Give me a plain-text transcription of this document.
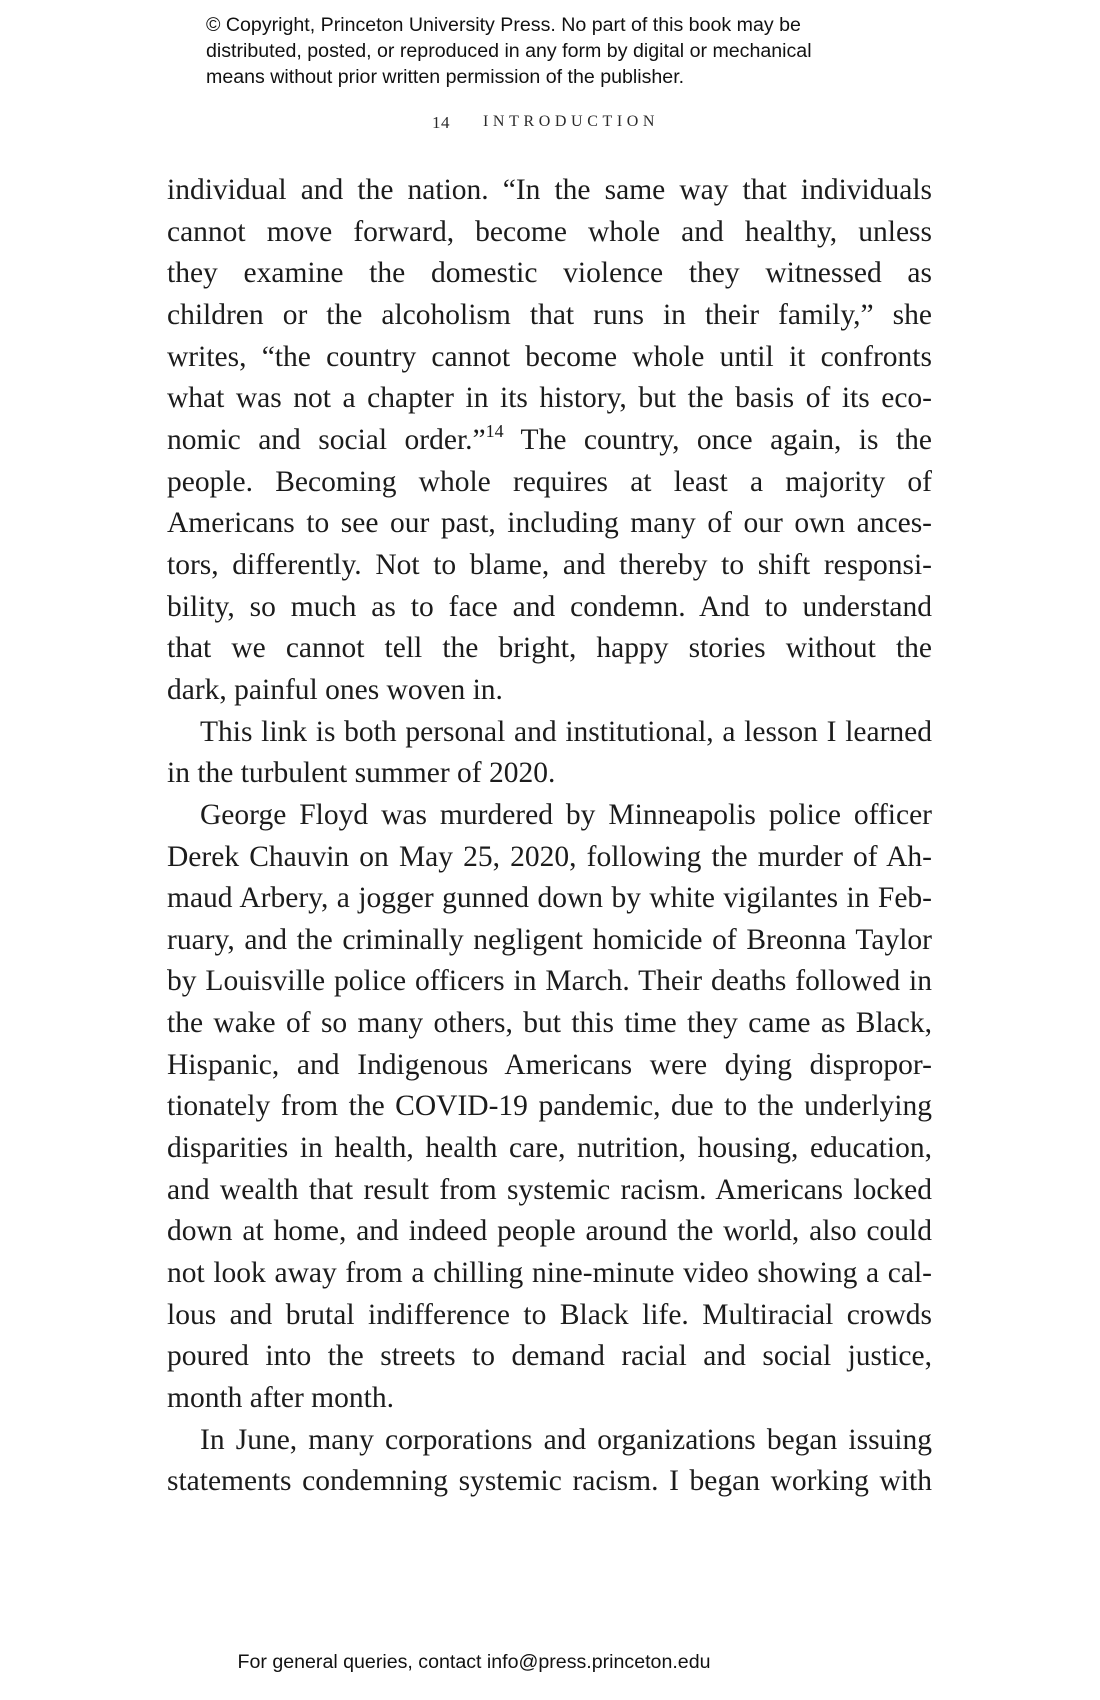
© Copyright, Princeton University Press. No part of this book may be
distributed, posted, or reproduced in any form by digital or mechanical
means without prior written permission of the publisher.
14 INTRODUCTION
individual and the nation. “In the same way that individuals
cannot move forward, become whole and healthy, unless
they examine the domestic violence they witnessed as
children or the alcoholism that runs in their family,” she
writes, “the country cannot become whole until it confronts
what was not a chapter in its history, but the basis of its eco-
nomic and social order.”$^{14}$ The country, once again, is the
people. Becoming whole requires at least a majority of
Americans to see our past, including many of our own ances-
tors, differently. Not to blame, and thereby to shift responsi-
bility, so much as to face and condemn. And to understand
that we cannot tell the bright, happy stories without the
dark, painful ones woven in.
This link is both personal and institutional, a lesson I learned
in the turbulent summer of 2020.
George Floyd was murdered by Minneapolis police officer
Derek Chauvin on May 25, 2020, following the murder of Ah-
maud Arbery, a jogger gunned down by white vigilantes in Feb-
ruary, and the criminally negligent homicide of Breonna Taylor
by Louisville police officers in March. Their deaths followed in
the wake of so many others, but this time they came as Black,
Hispanic, and Indigenous Americans were dying dispropor-
tionately from the COVID-19 pandemic, due to the underlying
disparities in health, health care, nutrition, housing, education,
and wealth that result from systemic racism. Americans locked
down at home, and indeed people around the world, also could
not look away from a chilling nine-minute video showing a cal-
lous and brutal indifference to Black life. Multiracial crowds
poured into the streets to demand racial and social justice,
month after month.
In June, many corporations and organizations began issuing
statements condemning systemic racism. I began working with
For general queries, contact info@press.princeton.edu
